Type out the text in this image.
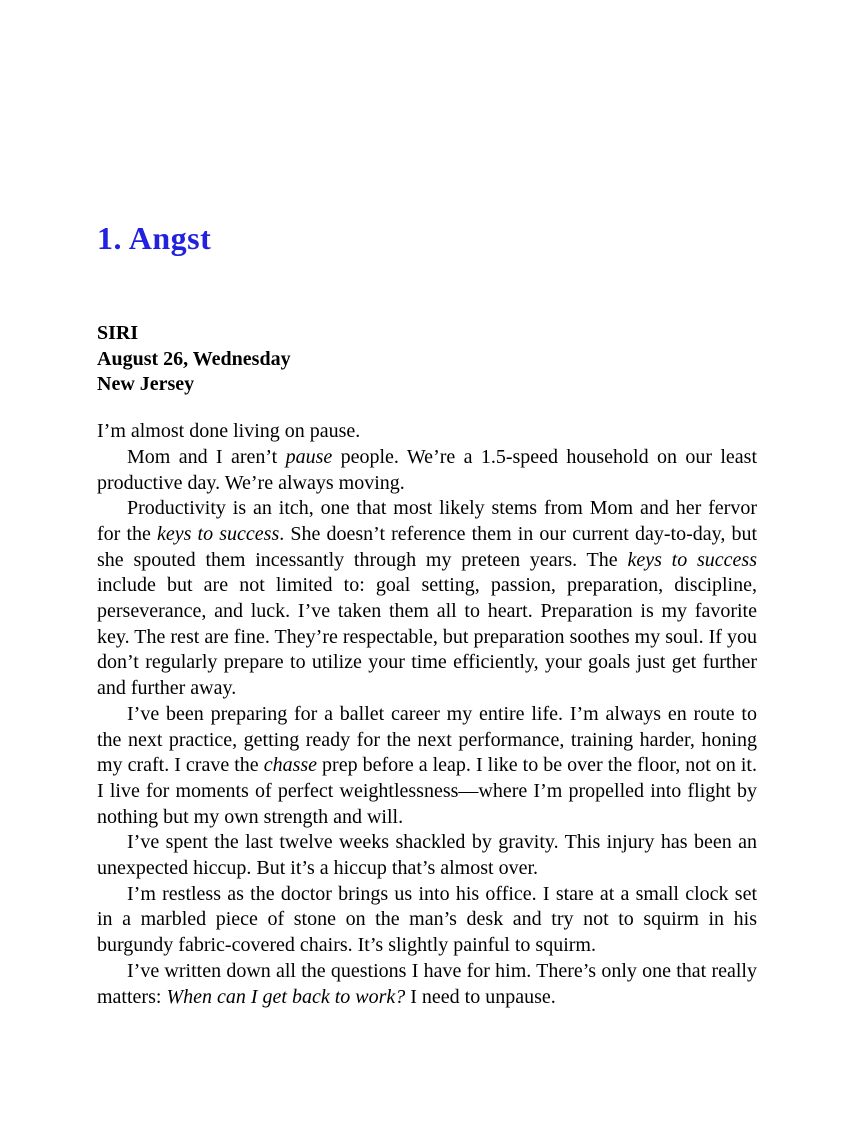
1. Angst
SIRI
August 26, Wednesday
New Jersey

I’m almost done living on pause.

Mom and I aren’t pause people. We’re a 1.5-speed household on our least productive day. We’re always moving.

Productivity is an itch, one that most likely stems from Mom and her fervor for the keys to success. She doesn’t reference them in our current day-to-day, but she spouted them incessantly through my preteen years. The keys to success include but are not limited to: goal setting, passion, preparation, discipline, perseverance, and luck. I’ve taken them all to heart. Preparation is my favorite key. The rest are fine. They’re respectable, but preparation soothes my soul. If you don’t regularly prepare to utilize your time efficiently, your goals just get further and further away.

I’ve been preparing for a ballet career my entire life. I’m always en route to the next practice, getting ready for the next performance, training harder, honing my craft. I crave the chasse prep before a leap. I like to be over the floor, not on it. I live for moments of perfect weightlessness—where I’m propelled into flight by nothing but my own strength and will.

I’ve spent the last twelve weeks shackled by gravity. This injury has been an unexpected hiccup. But it’s a hiccup that’s almost over.

I’m restless as the doctor brings us into his office. I stare at a small clock set in a marbled piece of stone on the man’s desk and try not to squirm in his burgundy fabric-covered chairs. It’s slightly painful to squirm.

I’ve written down all the questions I have for him. There’s only one that really matters: When can I get back to work? I need to unpause.
